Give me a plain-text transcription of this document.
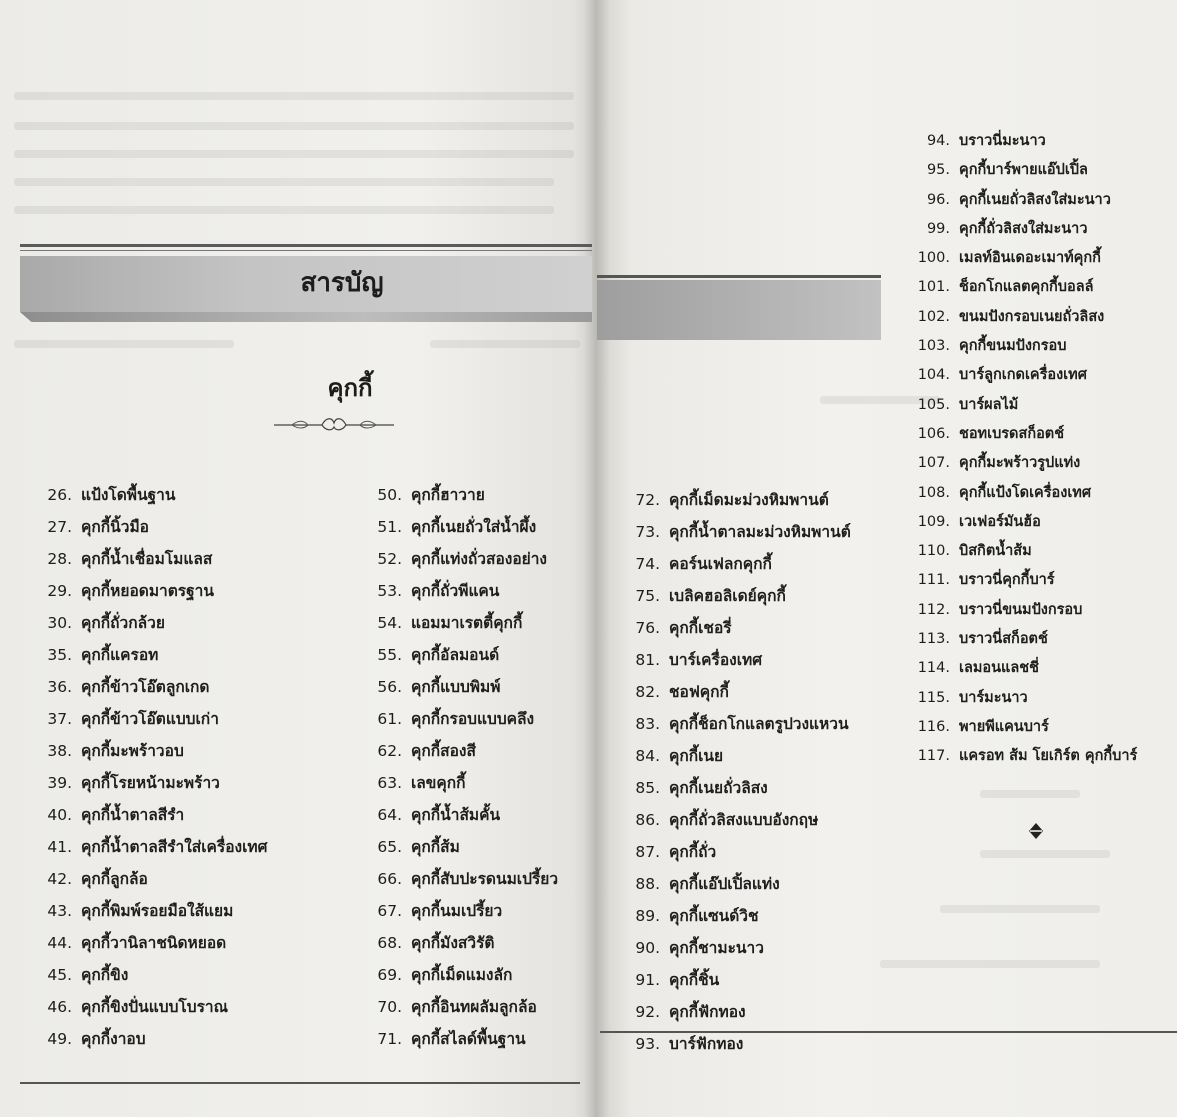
สารบัญ
คุกกี้
26. แป้งโดพื้นฐาน
27. คุกกี้นิ้วมือ
28. คุกกี้น้ำเชื่อมโมแลส
29. คุกกี้หยอดมาตรฐาน
30. คุกกี้ถั่วกล้วย
35. คุกกี้แครอท
36. คุกกี้ข้าวโอ๊ตลูกเกด
37. คุกกี้ข้าวโอ๊ตแบบเก่า
38. คุกกี้มะพร้าวอบ
39. คุกกี้โรยหน้ามะพร้าว
40. คุกกี้น้ำตาลสีรำ
41. คุกกี้น้ำตาลสีรำใส่เครื่องเทศ
42. คุกกี้ลูกล้อ
43. คุกกี้พิมพ์รอยมือใส้แยม
44. คุกกี้วานิลาชนิดหยอด
45. คุกกี้ขิง
46. คุกกี้ขิงปั่นแบบโบราณ
49. คุกกี้งาอบ
50. คุกกี้ฮาวาย
51. คุกกี้เนยถั่วใส่น้ำผึ้ง
52. คุกกี้แท่งถั่วสองอย่าง
53. คุกกี้ถั่วพีแคน
54. แอมมาเรตตี้คุกกี้
55. คุกกี้อัลมอนด์
56. คุกกี้แบบพิมพ์
61. คุกกี้กรอบแบบคลึง
62. คุกกี้สองสี
63. เลขคุกกี้
64. คุกกี้น้ำส้มคั้น
65. คุกกี้ส้ม
66. คุกกี้สับปะรดนมเปรี้ยว
67. คุกกี้นมเปรี้ยว
68. คุกกี้มังสวิรัติ
69. คุกกี้เม็ดแมงลัก
70. คุกกี้อินทผลัมลูกล้อ
71. คุกกี้สไลด์พื้นฐาน
72. คุกกี้เม็ดมะม่วงหิมพานต์
73. คุกกี้น้ำตาลมะม่วงหิมพานต์
74. คอร์นเฟลกคุกกี้
75. เบลิคฮอลิเดย์คุกกี้
76. คุกกี้เชอรี่
81. บาร์เครื่องเทศ
82. ชอฟคุกกี้
83. คุกกี้ช็อกโกแลตรูปวงแหวน
84. คุกกี้เนย
85. คุกกี้เนยถั่วลิสง
86. คุกกี้ถั่วลิสงแบบอังกฤษ
87. คุกกี้ถั่ว
88. คุกกี้แอ๊ปเปิ้ลแท่ง
89. คุกกี้แซนด์วิช
90. คุกกี้ชามะนาว
91. คุกกี้ชิ้น
92. คุกกี้ฟักทอง
93. บาร์ฟักทอง
94. บราวนี่มะนาว
95. คุกกี้บาร์พายแอ๊ปเปิ้ล
96. คุกกี้เนยถั่วลิสงใส่มะนาว
99. คุกกี้ถั่วลิสงใส่มะนาว
100. เมลท์อินเดอะเมาท์คุกกี้
101. ช็อกโกแลตคุกกี้บอลล์
102. ขนมปังกรอบเนยถั่วลิสง
103. คุกกี้ขนมปังกรอบ
104. บาร์ลูกเกดเครื่องเทศ
105. บาร์ผลไม้
106. ชอทเบรดสก็อตช์
107. คุกกี้มะพร้าวรูปแท่ง
108. คุกกี้แป้งโดเครื่องเทศ
109. เวเฟอร์มันฮ้อ
110. บิสกิตน้ำส้ม
111. บราวนี่คุกกี้บาร์
112. บราวนี่ขนมปังกรอบ
113. บราวนี่สก็อตช์
114. เลมอนแลชชี่
115. บาร์มะนาว
116. พายพีแคนบาร์
117. แครอท ส้ม โยเกิร์ต คุกกี้บาร์
